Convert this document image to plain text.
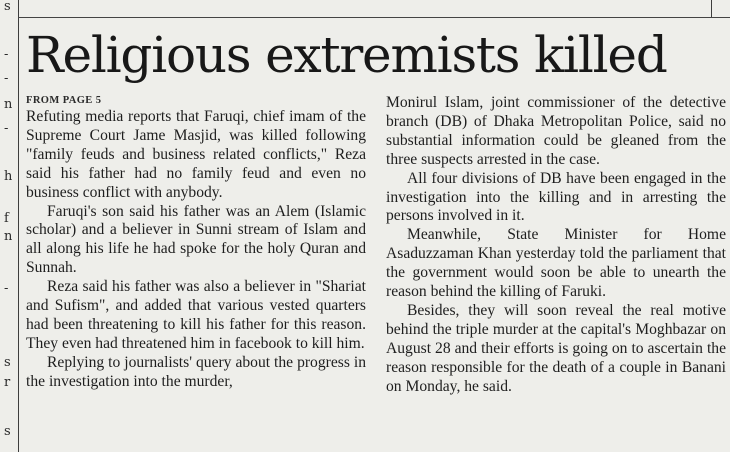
s
-
-
n
-
h
f
n
-
s
r
s
Religious extremists killed
FROM PAGE 5

Refuting media reports that Faruqi, chief imam of the Supreme Court Jame Masjid, was killed following "family feuds and business related conflicts," Reza said his father had no family feud and even no business conflict with anybody.

Faruqi's son said his father was an Alem (Islamic scholar) and a believer in Sunni stream of Islam and all along his life he had spoke for the holy Quran and Sunnah.

Reza said his father was also a believer in "Shariat and Sufism", and added that various vested quarters had been threatening to kill his father for this reason. They even had threatened him in facebook to kill him.

Replying to journalists' query about the progress in the investigation into the murder,

Monirul Islam, joint commissioner of the detective branch (DB) of Dhaka Metropolitan Police, said no substantial information could be gleaned from the three suspects arrested in the case.

All four divisions of DB have been engaged in the investigation into the killing and in arresting the persons involved in it.

Meanwhile, State Minister for Home Asaduzzaman Khan yesterday told the parliament that the government would soon be able to unearth the reason behind the killing of Faruki.

Besides, they will soon reveal the real motive behind the triple murder at the capital's Moghbazar on August 28 and their efforts is going on to ascertain the reason responsible for the death of a couple in Banani on Monday, he said.
